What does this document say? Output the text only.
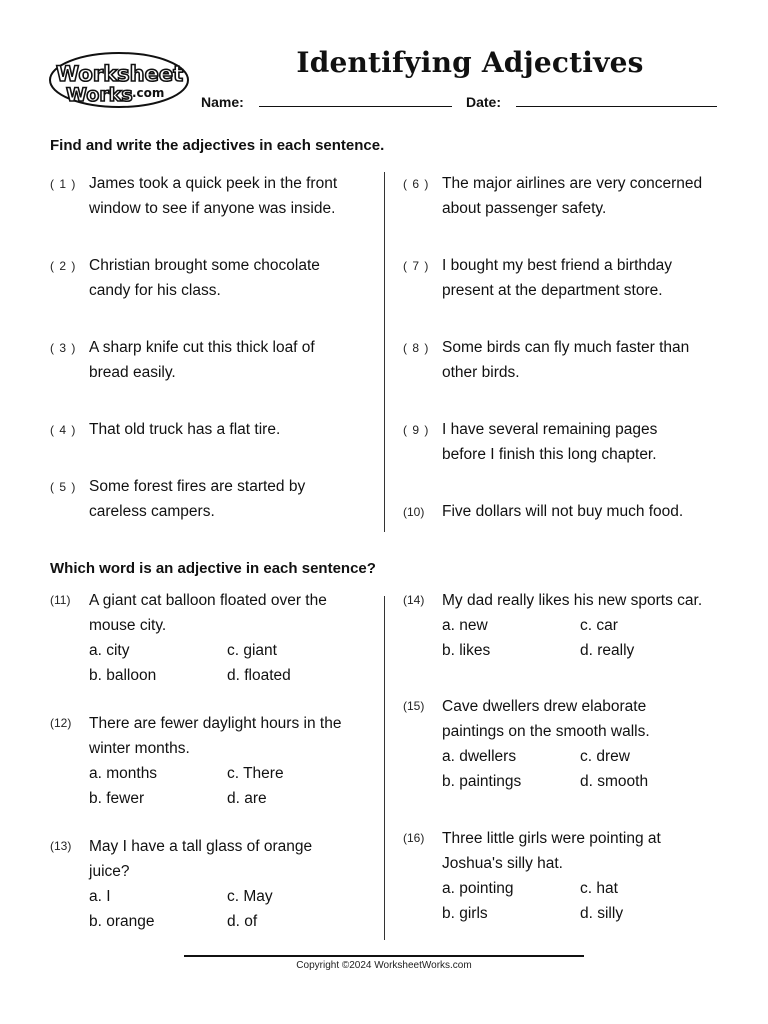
Worksheet
Works .com
Identifying Adjectives
Name:	Date:
Find and write the adjectives in each sentence.
( 1 ) James took a quick peek in the front
window to see if anyone was inside.
( 2 ) Christian brought some chocolate
candy for his class.
( 3 ) A sharp knife cut this thick loaf of
bread easily.
( 4 ) That old truck has a flat tire.
( 5 ) Some forest fires are started by
careless campers.
( 6 ) The major airlines are very concerned
about passenger safety.
( 7 ) I bought my best friend a birthday
present at the department store.
( 8 ) Some birds can fly much faster than
other birds.
( 9 ) I have several remaining pages
before I finish this long chapter.
(10) Five dollars will not buy much food.
Which word is an adjective in each sentence?
(11) A giant cat balloon floated over the
mouse city.
a. city	c. giant
b. balloon	d. floated
(12) There are fewer daylight hours in the
winter months.
a. months	c. There
b. fewer	d. are
(13) May I have a tall glass of orange
juice?
a. I	c. May
b. orange	d. of
(14) My dad really likes his new sports car.
a. new	c. car
b. likes	d. really
(15) Cave dwellers drew elaborate
paintings on the smooth walls.
a. dwellers	c. drew
b. paintings	d. smooth
(16) Three little girls were pointing at
Joshua's silly hat.
a. pointing	c. hat
b. girls	d. silly
Copyright ©2024 WorksheetWorks.com
